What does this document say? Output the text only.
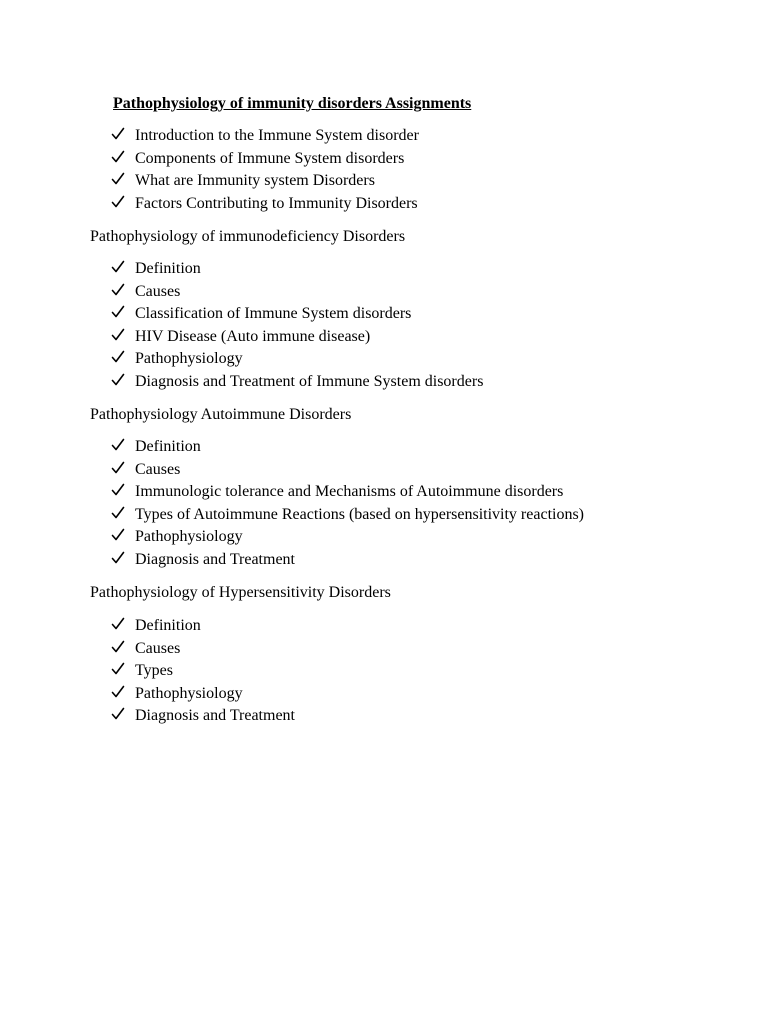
Pathophysiology of immunity disorders Assignments
Introduction to the Immune System disorder
Components of Immune System disorders
What are Immunity system Disorders
Factors Contributing to Immunity Disorders
Pathophysiology of immunodeficiency Disorders
Definition
Causes
Classification of Immune System disorders
HIV Disease (Auto immune disease)
Pathophysiology
Diagnosis and Treatment of Immune System disorders
Pathophysiology Autoimmune Disorders
Definition
Causes
Immunologic tolerance and Mechanisms of Autoimmune disorders
Types of Autoimmune Reactions (based on hypersensitivity reactions)
Pathophysiology
Diagnosis and Treatment
Pathophysiology of Hypersensitivity Disorders
Definition
Causes
Types
Pathophysiology
Diagnosis and Treatment
